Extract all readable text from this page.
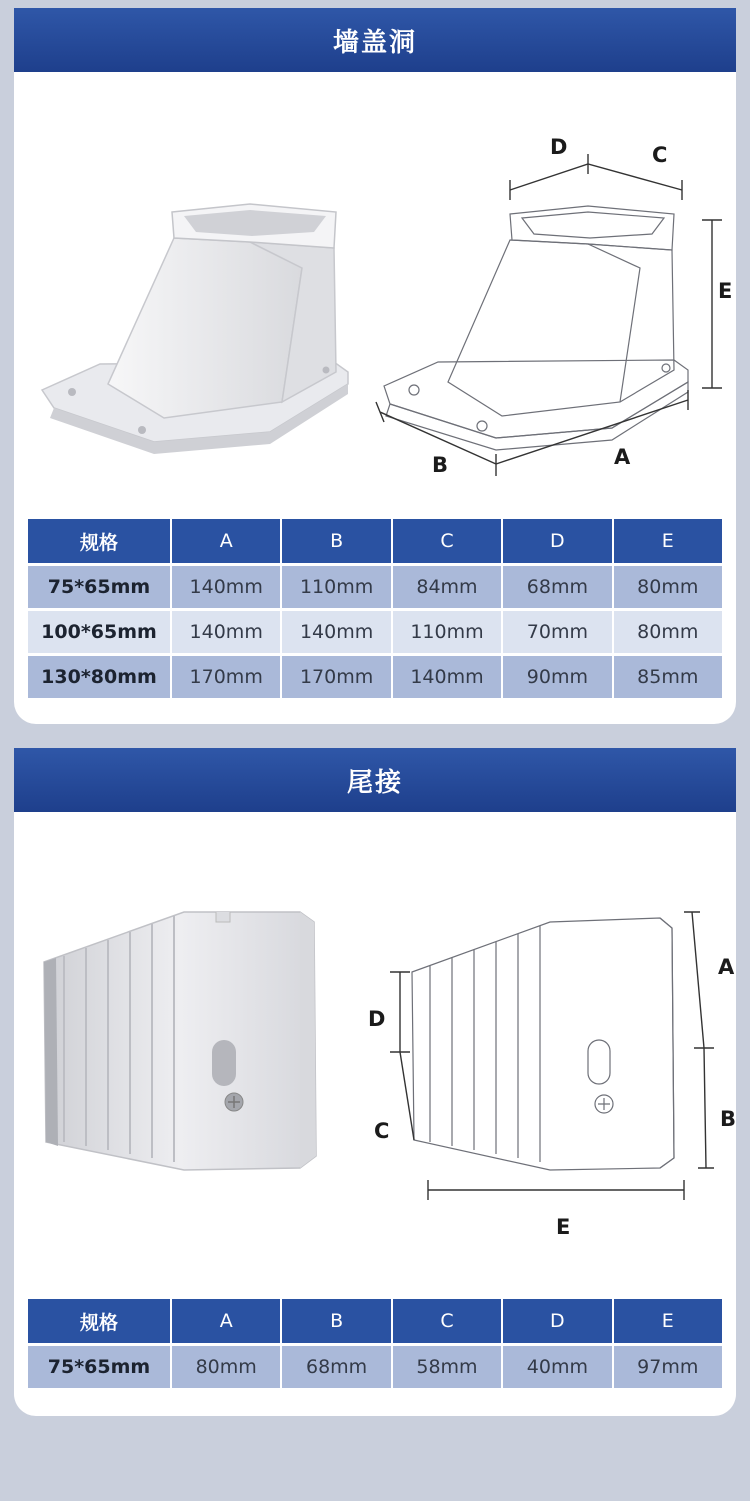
墙盖洞
D	C
E
B	A
规格	A	B	C	D	E
75*65mm	140mm	110mm	84mm	68mm	80mm
100*65mm	140mm	140mm	110mm	70mm	80mm
130*80mm	170mm	170mm	140mm	90mm	85mm
尾接
D
C
A
B
E
规格	A	B	C	D	E
75*65mm	80mm	68mm	58mm	40mm	97mm
